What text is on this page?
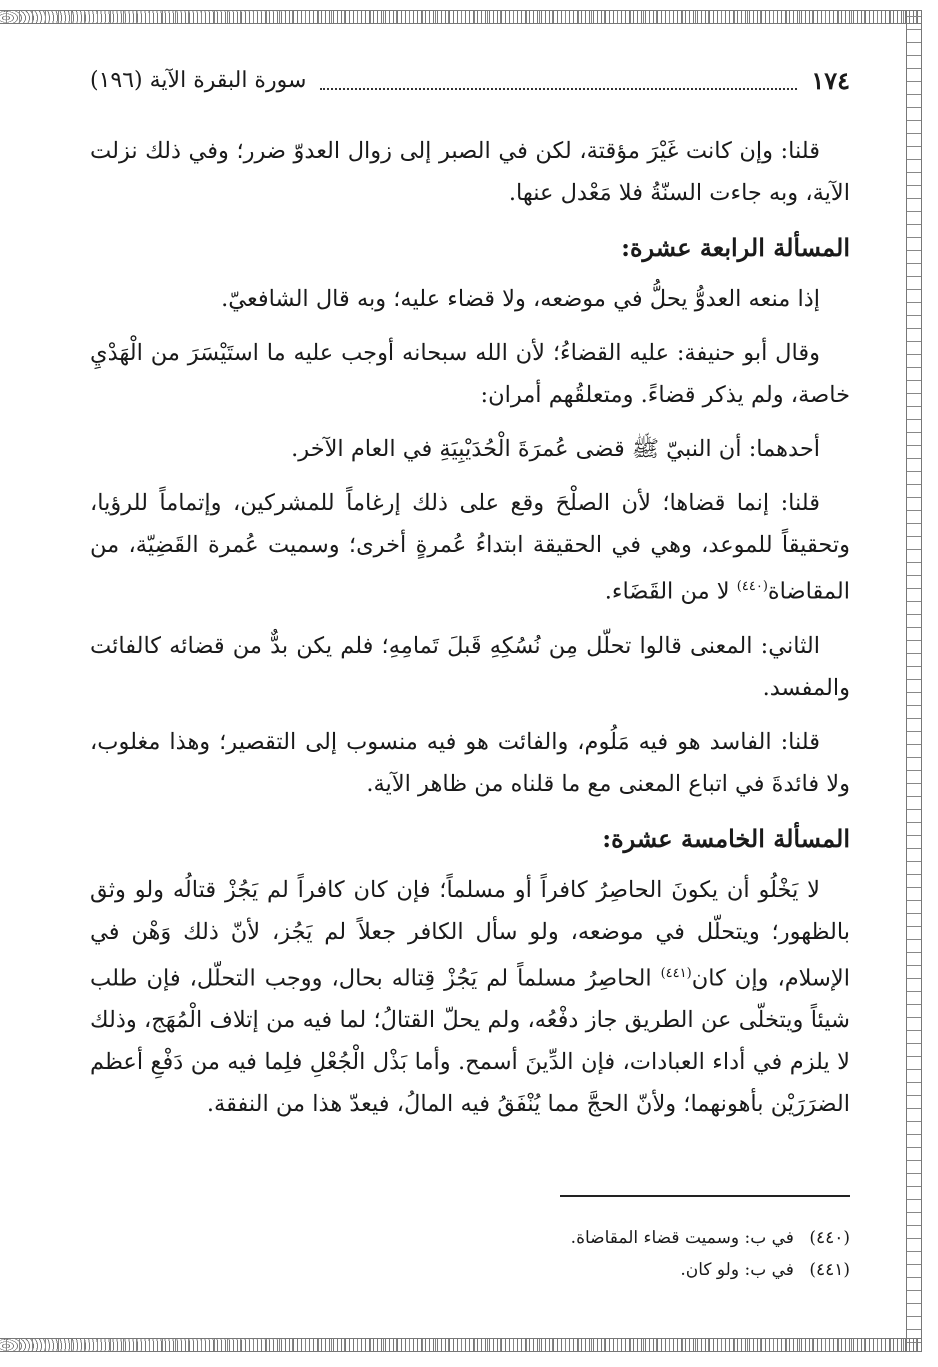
١٧٤
سورة البقرة الآية (١٩٦)

قلنا: وإن كانت غَيْرَ مؤقتة، لكن في الصبر إلى زوال العدوّ ضرر؛ وفي ذلك نزلت الآية، وبه جاءت السنّةُ فلا مَعْدل عنها.

المسألة الرابعة عشرة:

إذا منعه العدوُّ يحلُّ في موضعه، ولا قضاء عليه؛ وبه قال الشافعيّ.

وقال أبو حنيفة: عليه القضاءُ؛ لأن الله سبحانه أوجب عليه ما استَيْسَرَ من الْهَدْيِ خاصة، ولم يذكر قضاءً. ومتعلقُهم أمران:

أحدهما: أن النبيّ ﷺ قضى عُمرَةَ الْحُدَيْبِيَةِ في العام الآخر.

قلنا: إنما قضاها؛ لأن الصلْحَ وقع على ذلك إرغاماً للمشركين، وإتماماً للرؤيا، وتحقيقاً للموعد، وهي في الحقيقة ابتداءُ عُمرةٍ أخرى؛ وسميت عُمرة القَضِيّة، من المقاضاة$^{(٤٤٠)}$ لا من القَضَاء.

الثاني: المعنى قالوا تحلّل مِن نُسُكِهِ قَبلَ تَمامِهِ؛ فلم يكن بدٌّ من قضائه كالفائت والمفسد.

قلنا: الفاسد هو فيه مَلُوم، والفائت هو فيه منسوب إلى التقصير؛ وهذا مغلوب، ولا فائدةَ في اتباع المعنى مع ما قلناه من ظاهر الآية.

المسألة الخامسة عشرة:

لا يَخْلُو أن يكونَ الحاصِرُ كافراً أو مسلماً؛ فإن كان كافراً لم يَجُزْ قتالُه ولو وثق بالظهور؛ ويتحلّل في موضعه، ولو سأل الكافر جعلاً لم يَجُز، لأنّ ذلك وَهْن في الإسلام، وإن كان$^{(٤٤١)}$ الحاصِرُ مسلماً لم يَجُزْ قِتاله بحال، ووجب التحلّل، فإن طلب شيئاً ويتخلّى عن الطريق جاز دفْعُه، ولم يحلّ القتالُ؛ لما فيه من إتلاف الْمُهَج، وذلك لا يلزم في أداء العبادات، فإن الدِّينَ أسمح. وأما بَذْل الْجُعْلِ فلِما فيه من دَفْعِ أعظم الضرَرَيْن بأهونهما؛ ولأنّ الحجَّ مما يُنْفَقُ فيه المالُ، فيعدّ هذا من النفقة.

(٤٤٠) في ب: وسميت قضاء المقاضاة.
(٤٤١) في ب: ولو كان.
